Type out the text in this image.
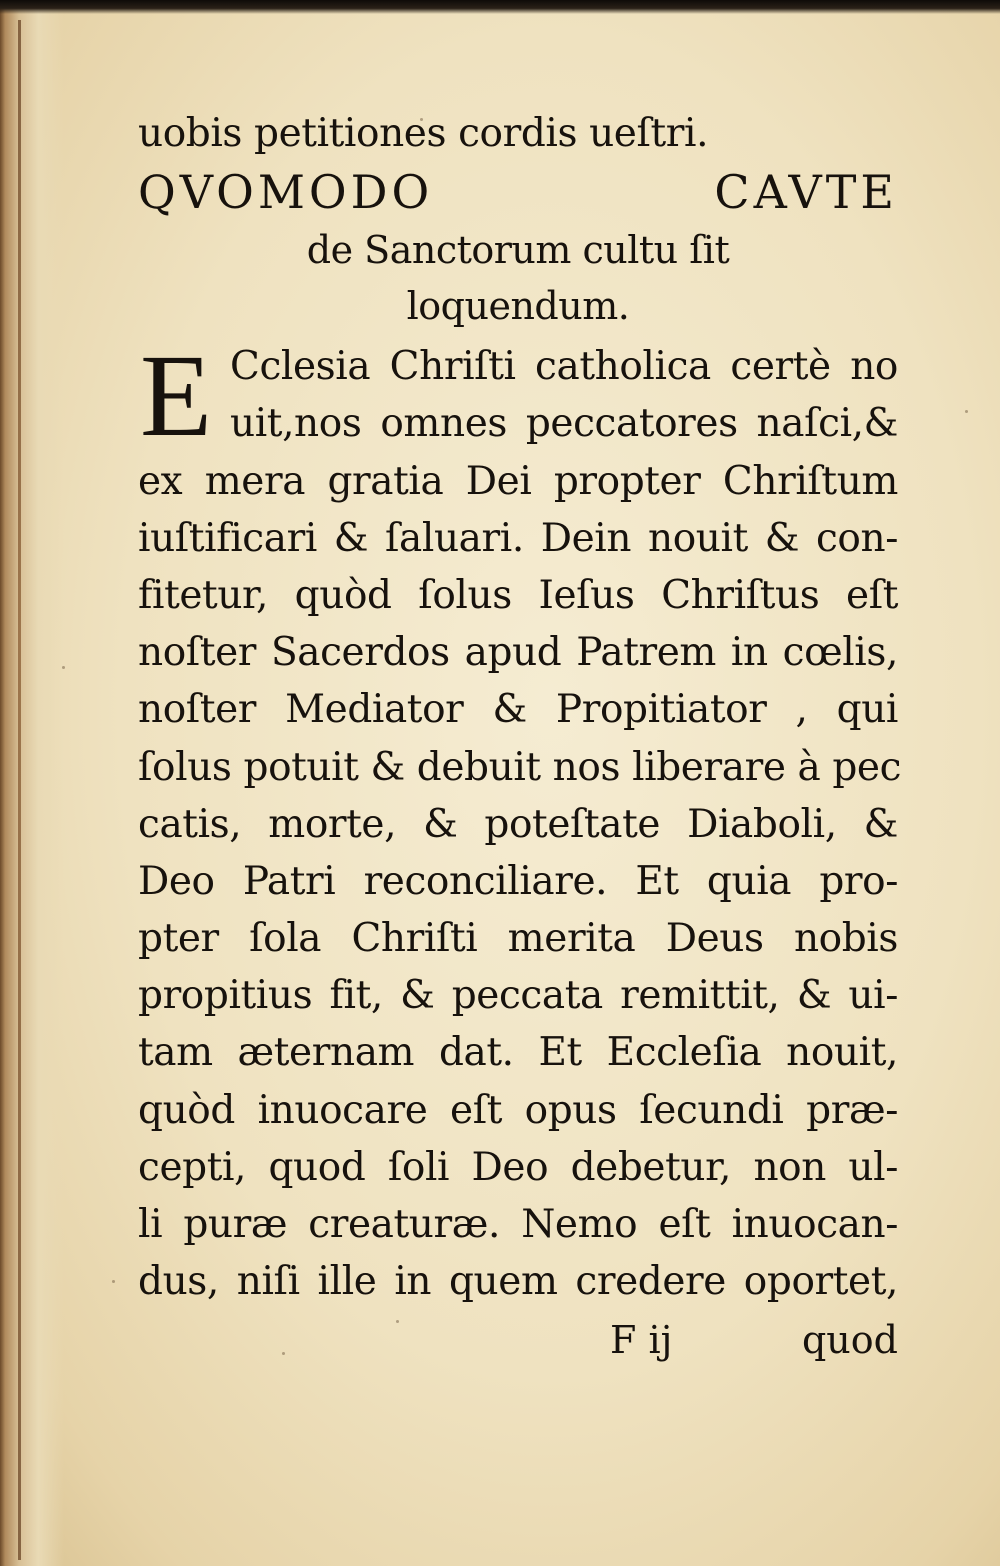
uobis petitiones cordis ueſtri.
QVOMODO CAVTE
de Sanctorum cultu ſit
loquendum.
E Cclesia Chriſti catholica certè no
uit,nos omnes peccatores naſci,&
ex mera gratia Dei propter Chriſtum
iuſtificari & ſaluari. Dein nouit & con-
fitetur, quòd ſolus Ieſus Chriſtus eſt
noſter Sacerdos apud Patrem in cœlis,
noſter Mediator & Propitiator , qui
ſolus potuit & debuit nos liberare à pec
catis, morte, & poteſtate Diaboli, &
Deo Patri reconciliare. Et quia pro-
pter ſola Chriſti merita Deus nobis
propitius fit, & peccata remittit, & ui-
tam æternam dat. Et Eccleſia nouit,
quòd inuocare eſt opus ſecundi præ-
cepti, quod ſoli Deo debetur, non ul-
li puræ creaturæ. Nemo eſt inuocan-
dus, niſi ille in quem credere oportet,
F ij	quod
